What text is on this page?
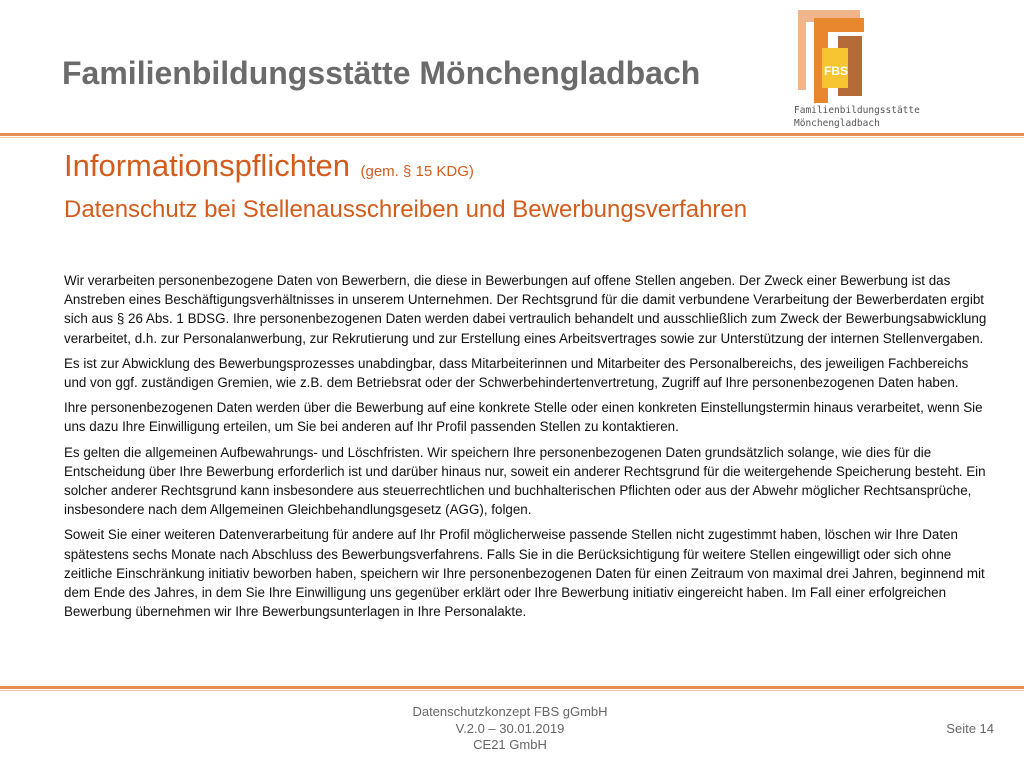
Familienbildungsstätte Mönchengladbach	FBS
Familienbildungsstätte
Mönchengladbach
Informationspflichten (gem. § 15 KDG)
Datenschutz bei Stellenausschreiben und Bewerbungsverfahren

Wir verarbeiten personenbezogene Daten von Bewerbern, die diese in Bewerbungen auf offene Stellen angeben. Der Zweck einer Bewerbung ist das Anstreben eines Beschäftigungsverhältnisses in unserem Unternehmen. Der Rechtsgrund für die damit verbundene Verarbeitung der Bewerberdaten ergibt sich aus § 26 Abs. 1 BDSG. Ihre personenbezogenen Daten werden dabei vertraulich behandelt und ausschließlich zum Zweck der Bewerbungsabwicklung verarbeitet, d.h. zur Personalanwerbung, zur Rekrutierung und zur Erstellung eines Arbeitsvertrages sowie zur Unterstützung der internen Stellenvergaben.

Es ist zur Abwicklung des Bewerbungsprozesses unabdingbar, dass Mitarbeiterinnen und Mitarbeiter des Personalbereichs, des jeweiligen Fachbereichs und von ggf. zuständigen Gremien, wie z.B. dem Betriebsrat oder der Schwerbehindertenvertretung, Zugriff auf Ihre personenbezogenen Daten haben.

Ihre personenbezogenen Daten werden über die Bewerbung auf eine konkrete Stelle oder einen konkreten Einstellungstermin hinaus verarbeitet, wenn Sie uns dazu Ihre Einwilligung erteilen, um Sie bei anderen auf Ihr Profil passenden Stellen zu kontaktieren.

Es gelten die allgemeinen Aufbewahrungs- und Löschfristen. Wir speichern Ihre personenbezogenen Daten grundsätzlich solange, wie dies für die Entscheidung über Ihre Bewerbung erforderlich ist und darüber hinaus nur, soweit ein anderer Rechtsgrund für die weitergehende Speicherung besteht. Ein solcher anderer Rechtsgrund kann insbesondere aus steuerrechtlichen und buchhalterischen Pflichten oder aus der Abwehr möglicher Rechtsansprüche, insbesondere nach dem Allgemeinen Gleichbehandlungsgesetz (AGG), folgen.

Soweit Sie einer weiteren Datenverarbeitung für andere auf Ihr Profil möglicherweise passende Stellen nicht zugestimmt haben, löschen wir Ihre Daten spätestens sechs Monate nach Abschluss des Bewerbungsverfahrens. Falls Sie in die Berücksichtigung für weitere Stellen eingewilligt oder sich ohne zeitliche Einschränkung initiativ beworben haben, speichern wir Ihre personenbezogenen Daten für einen Zeitraum von maximal drei Jahren, beginnend mit dem Ende des Jahres, in dem Sie Ihre Einwilligung uns gegenüber erklärt oder Ihre Bewerbung initiativ eingereicht haben. Im Fall einer erfolgreichen Bewerbung übernehmen wir Ihre Bewerbungsunterlagen in Ihre Personalakte.

Datenschutzkonzept FBS gGmbH
V.2.0 – 30.01.2019
CE21 GmbH
Seite 14
